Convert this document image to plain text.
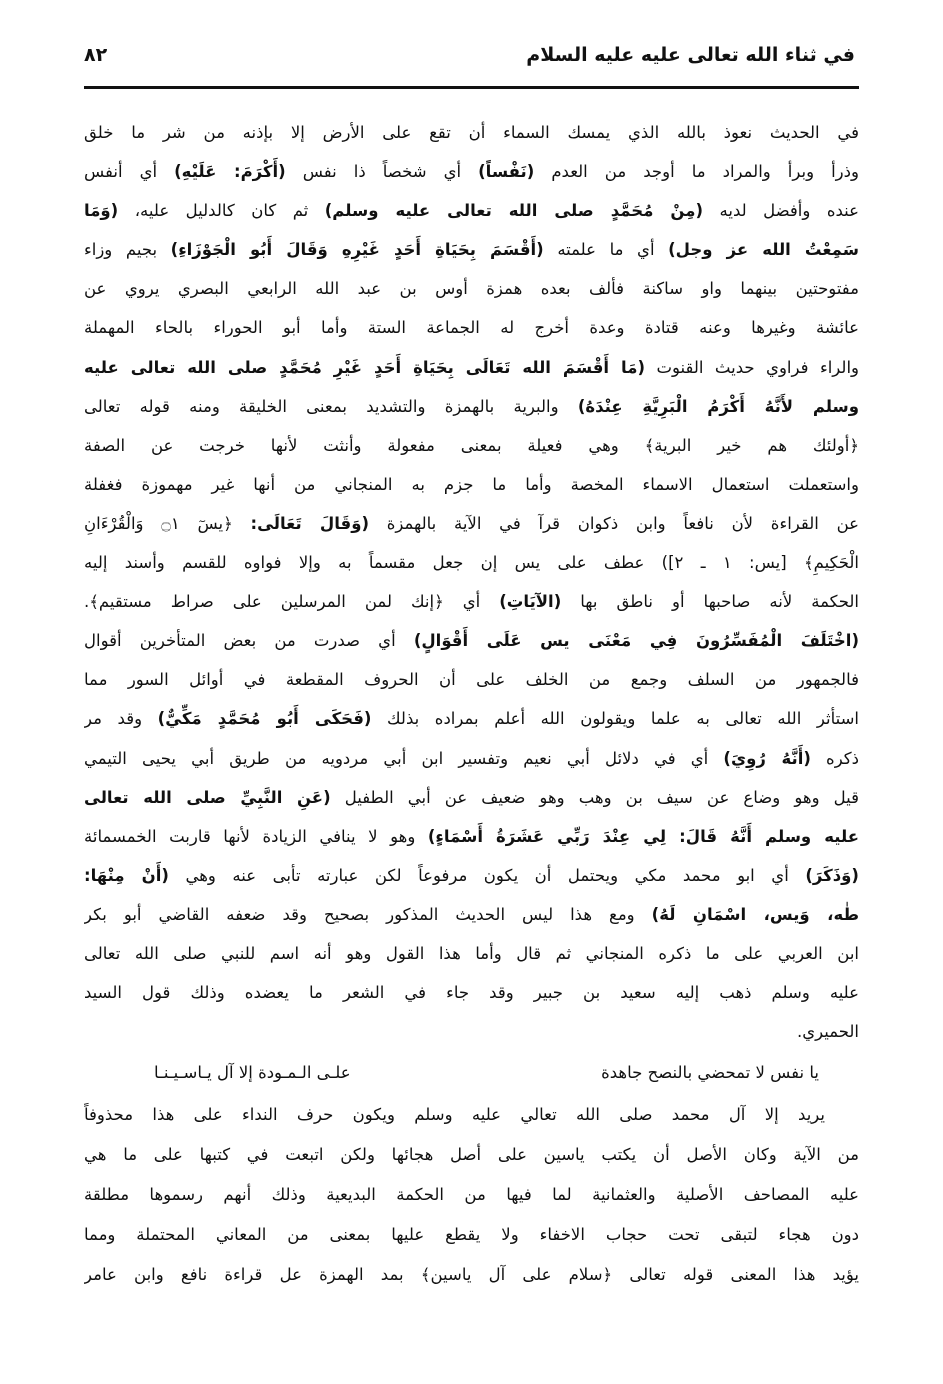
في ثناء الله تعالى عليه عليه السلام
٨٢
في الحديث نعوذ بالله الذي يمسك السماء أن تقع على الأرض إلا بإذنه من شر ما خلق
وذرأ وبرأ والمراد ما أوجد من العدم (نَفْساً) أي شخصاً ذا نفس (أَكْرَمَ: عَلَيْهِ) أي أنفس
عنده وأفضل لديه (مِنْ مُحَمَّدٍ صلى الله تعالى عليه وسلم) ثم كان كالدليل عليه، (وَمَا
سَمِعْتُ الله عز وجل) أي ما علمته (أَقْسَمَ بِحَيَاةِ أَحَدٍ غَيْرِهِ وَقَالَ أَبُو الْجَوْزَاءِ) بجيم وزاء
مفتوحتين بينهما واو ساكنة فألف بعده همزة أوس بن عبد الله الرابعي البصري يروي عن
عائشة وغيرها وعنه قتادة وعدة أخرج له الجماعة الستة وأما أبو الحوراء بالحاء المهملة
والراء فراوي حديث القنوت (مَا أَقْسَمَ الله تَعَالَى بِحَيَاةِ أَحَدٍ غَيْرِ مُحَمَّدٍ صلى الله تعالى عليه
وسلم لأَنَّهُ أَكْرَمُ الْبَرِيَّةِ عِنْدَهُ) والبرية بالهمزة والتشديد بمعنى الخليقة ومنه قوله تعالى
﴿أولئك هم خير البرية﴾ وهي فعيلة بمعنى مفعولة وأنثت لأنها خرجت عن الصفة
واستعملت استعمال الاسماء المخصة وأما ما جزم به المنجاني من أنها غير مهموزة فغفلة
عن القراءة لأن نافعاً وابن ذكوان قرآ في الآية بالهمزة (وَقَالَ تَعَالَى: ﴿يسٓ ۝١ وَالْقُرْءَانِ
الْحَكِيمِ﴾ [يس: ١ ـ ٢]) عطف على يس إن جعل مقسماً به وإلا فواوه للقسم وأسند إليه
الحكمة لأنه صاحبها أو ناطق بها (الآيَاتِ) أي ﴿إنك لمن المرسلين على صراط مستقيم﴾.
(اخْتَلَفَ الْمُفَسِّرُونَ فِي مَعْنَى يس عَلَى أَقْوَالٍ) أي صدرت من بعض المتأخرين أقوال
فالجمهور من السلف وجمع من الخلف على أن الحروف المقطعة في أوائل السور مما
استأثر الله تعالى به علما ويقولون الله أعلم بمراده بذلك (فَحَكَى أَبُو مُحَمَّدٍ مَكِّيٌّ) وقد مر
ذكره (أَنَّهُ رُوِيَ) أي في دلائل أبي نعيم وتفسير ابن أبي مردويه من طريق أبي يحيى التيمي
قيل وهو وضاع عن سيف بن وهب وهو ضعيف عن أبي الطفيل (عَنِ النَّبِيِّ صلى الله تعالى
عليه وسلم أَنَّهُ قَالَ: لِي عِنْدَ رَبِّي عَشَرَةُ أَسْمَاءٍ) وهو لا ينافي الزيادة لأنها قاربت الخمسمائة
(وَذَكَرَ) أي ابو محمد مكي ويحتمل أن يكون مرفوعاً لكن عبارته تأبى عنه وهي (أَنْ مِنْهَا:
طٰه، وَيس، اسْمَانِ لَهُ) ومع هذا ليس الحديث المذكور بصحيح وقد ضعفه القاضي أبو بكر
ابن العربي على ما ذكره المنجاني ثم قال وأما هذا القول وهو أنه اسم للنبي صلى الله تعالى
عليه وسلم ذهب إليه سعيد بن جبير وقد جاء في الشعر ما يعضده وذلك قول السيد
الحميري.
يا نفس لا تمحضي بالنصح جاهدة
علـى الـمـودة إلا آل يـاسـيـنـا
يريد إلا آل محمد صلى الله تعالي عليه وسلم ويكون حرف النداء على هذا محذوفاً
من الآية وكان الأصل أن يكتب ياسين على أصل هجائها ولكن اتبعت في كتبها على ما هي
عليه المصاحف الأصلية والعثمانية لما فيها من الحكمة البديعية وذلك أنهم رسموها مطلقة
دون هجاء لتبقى تحت حجاب الاخفاء ولا يقطع عليها بمعنى من المعاني المحتملة ومما
يؤيد هذا المعنى قوله تعالى ﴿سلام على آل ياسين﴾ بمد الهمزة عل قراءة نافع وابن عامر
